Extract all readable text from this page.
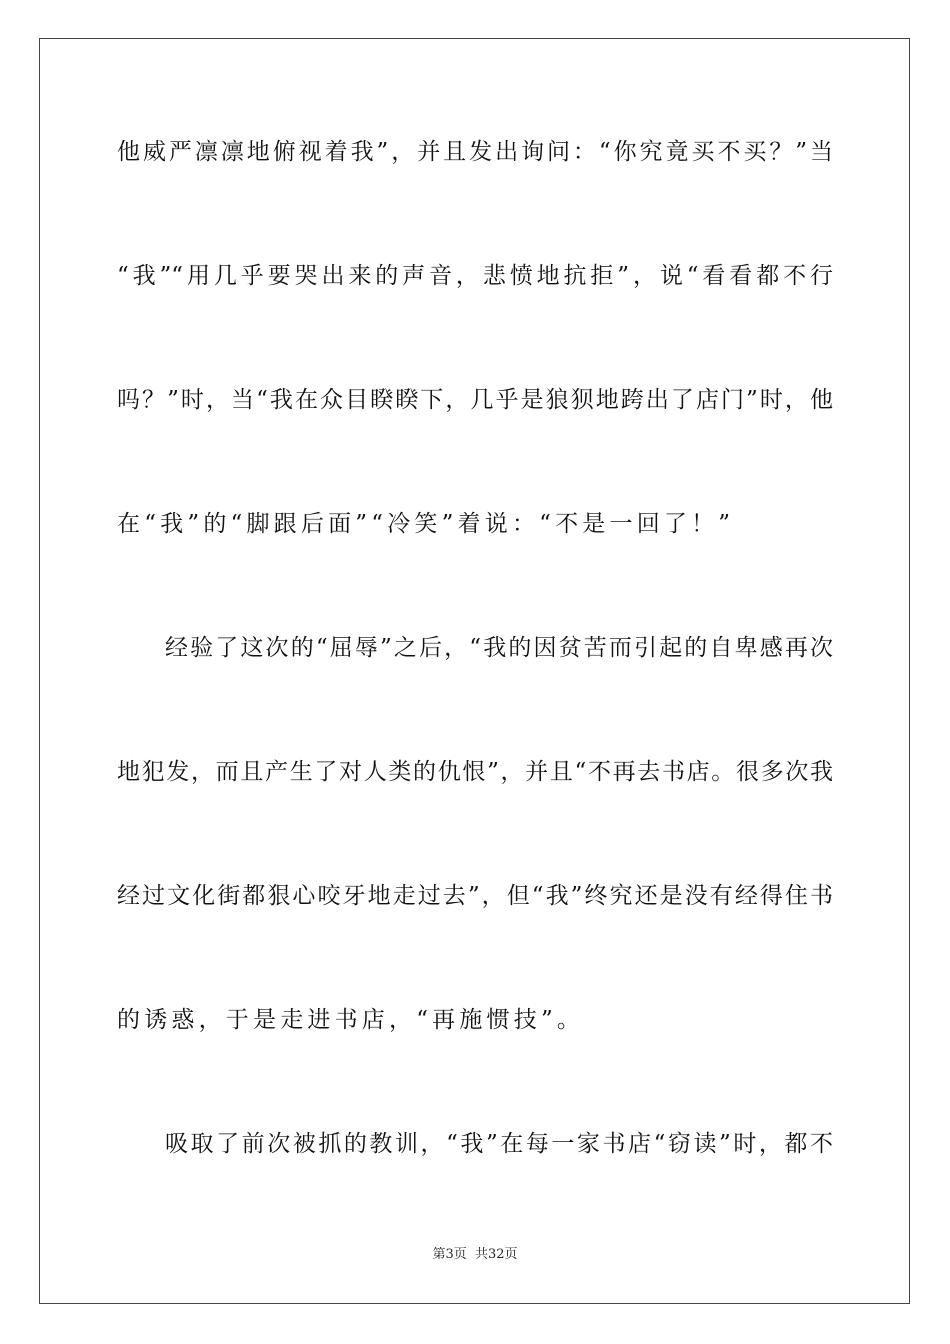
他威严凛凛地俯视着我”，并且发出询问：“你究竟买不买？”当
“我”“用几乎要哭出来的声音，悲愤地抗拒”，说“看看都不行
吗？”时，当“我在众目睽睽下，几乎是狼狈地跨出了店门”时，他
在“我”的“脚跟后面”“冷笑”着说：“不是一回了！”
经验了这次的“屈辱”之后，“我的因贫苦而引起的自卑感再次
地犯发，而且产生了对人类的仇恨”，并且“不再去书店。很多次我
经过文化街都狠心咬牙地走过去”，但“我”终究还是没有经得住书
的诱惑，于是走进书店，“再施惯技”。
吸取了前次被抓的教训，“我”在每一家书店“窃读”时，都不
第3页 共32页
